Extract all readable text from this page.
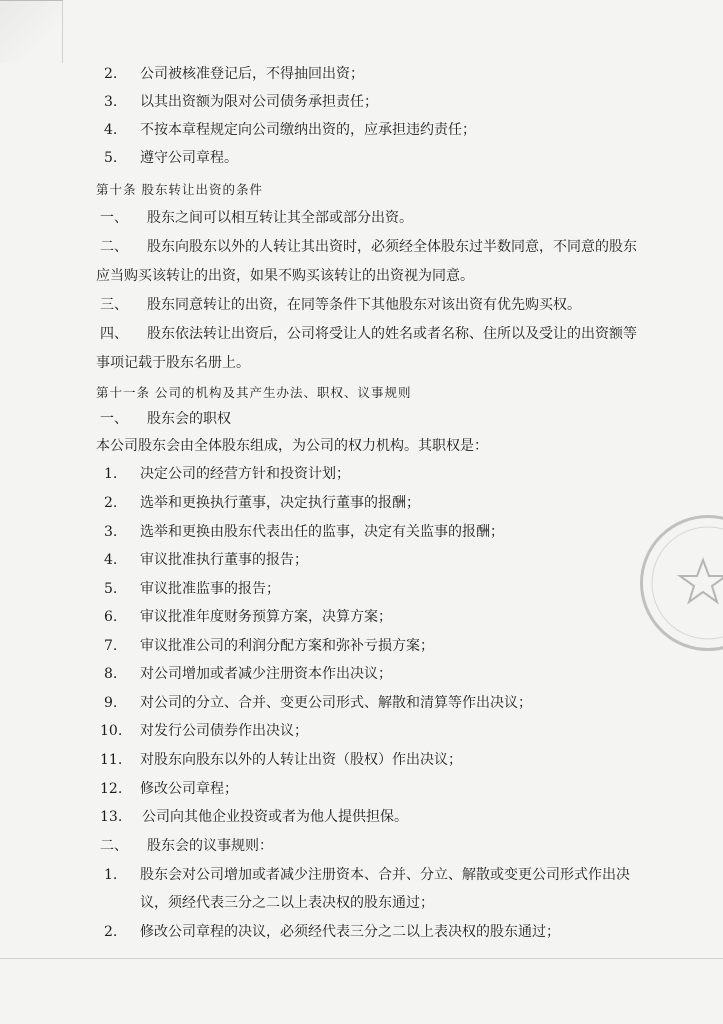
2. 公司被核准登记后，不得抽回出资；
3. 以其出资额为限对公司债务承担责任；
4. 不按本章程规定向公司缴纳出资的，应承担违约责任；
5. 遵守公司章程。
第十条 股东转让出资的条件
一、 股东之间可以相互转让其全部或部分出资。
二、 股东向股东以外的人转让其出资时，必须经全体股东过半数同意，不同意的股东
应当购买该转让的出资，如果不购买该转让的出资视为同意。
三、 股东同意转让的出资，在同等条件下其他股东对该出资有优先购买权。
四、 股东依法转让出资后，公司将受让人的姓名或者名称、住所以及受让的出资额等
事项记载于股东名册上。
第十一条 公司的机构及其产生办法、职权、议事规则
一、 股东会的职权
本公司股东会由全体股东组成，为公司的权力机构。其职权是：
1. 决定公司的经营方针和投资计划；
2. 选举和更换执行董事，决定执行董事的报酬；
3. 选举和更换由股东代表出任的监事，决定有关监事的报酬；
4. 审议批准执行董事的报告；
5. 审议批准监事的报告；
6. 审议批准年度财务预算方案，决算方案；
7. 审议批准公司的利润分配方案和弥补亏损方案；
8. 对公司增加或者减少注册资本作出决议；
9. 对公司的分立、合并、变更公司形式、解散和清算等作出决议；
10. 对发行公司债券作出决议；
11. 对股东向股东以外的人转让出资（股权）作出决议；
12. 修改公司章程；
13. 公司向其他企业投资或者为他人提供担保。
二、 股东会的议事规则：
1. 股东会对公司增加或者减少注册资本、合并、分立、解散或变更公司形式作出决
议，须经代表三分之二以上表决权的股东通过；
2. 修改公司章程的决议，必须经代表三分之二以上表决权的股东通过；
